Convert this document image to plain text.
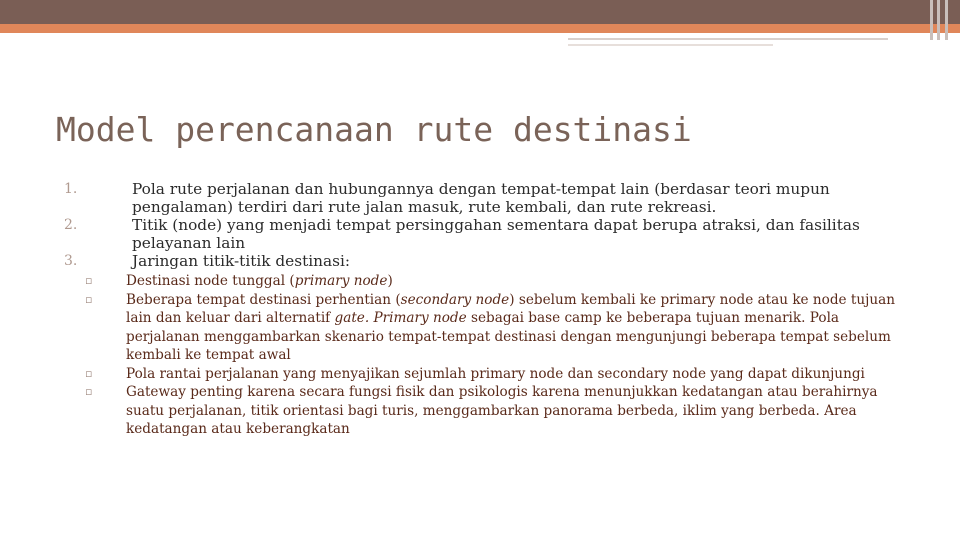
Model perencanaan rute destinasi
1.	Pola rute perjalanan dan hubungannya dengan tempat-tempat lain (berdasar teori mupun pengalaman) terdiri dari rute jalan masuk, rute kembali, dan rute rekreasi.
2.	Titik (node) yang menjadi tempat persinggahan sementara dapat berupa atraksi, dan fasilitas pelayanan lain
3.	Jaringan titik-titik destinasi:
▫ Destinasi node tunggal (primary node)
▫ Beberapa tempat destinasi perhentian (secondary node) sebelum kembali ke primary node atau ke node tujuan lain dan keluar dari alternatif gate. Primary node sebagai base camp ke beberapa tujuan menarik. Pola perjalanan menggambarkan skenario tempat-tempat destinasi dengan mengunjungi beberapa tempat sebelum kembali ke tempat awal
▫ Pola rantai perjalanan yang menyajikan sejumlah primary node dan secondary node yang dapat dikunjungi
▫ Gateway penting karena secara fungsi fisik dan psikologis karena menunjukkan kedatangan atau berahirnya suatu perjalanan, titik orientasi bagi turis, menggambarkan panorama berbeda, iklim yang berbeda. Area kedatangan atau keberangkatan
